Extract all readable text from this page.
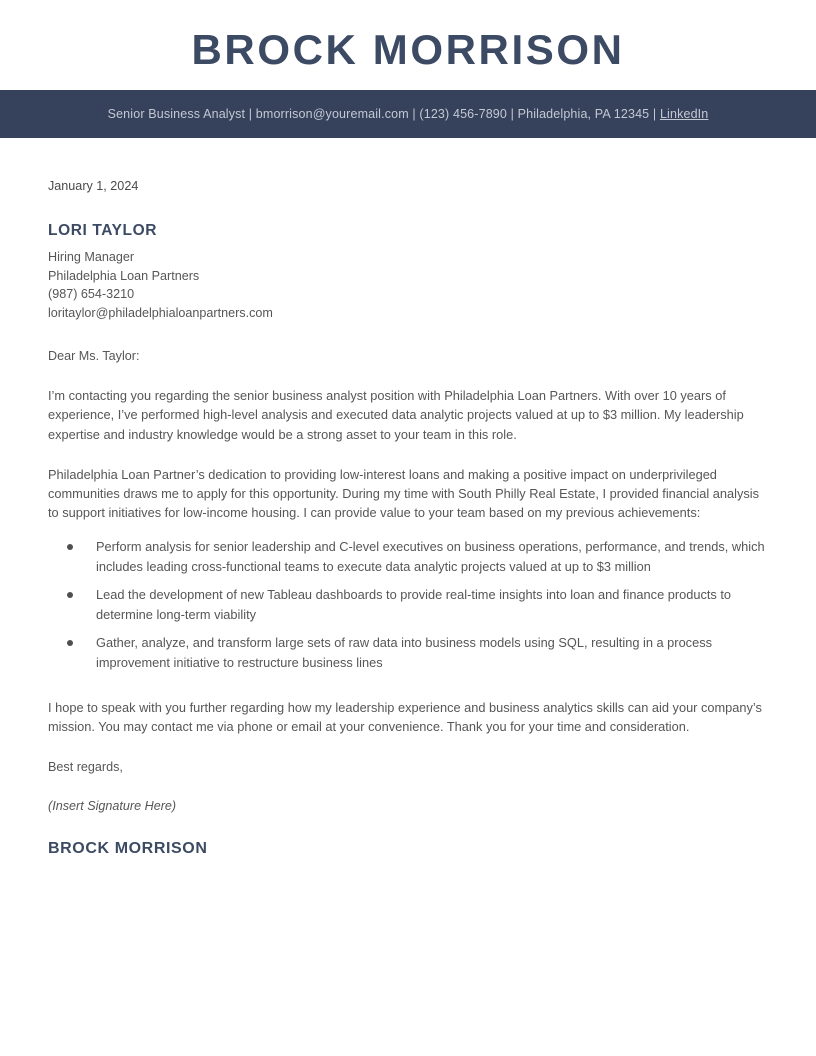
BROCK MORRISON
Senior Business Analyst | bmorrison@youremail.com | (123) 456-7890 | Philadelphia, PA 12345 | LinkedIn

January 1, 2024

LORI TAYLOR

Hiring Manager

Philadelphia Loan Partners

(987) 654-3210

loritaylor@philadelphialoanpartners.com

Dear Ms. Taylor:

I’m contacting you regarding the senior business analyst position with Philadelphia Loan Partners. With over 10 years of experience, I’ve performed high-level analysis and executed data analytic projects valued at up to $3 million. My leadership expertise and industry knowledge would be a strong asset to your team in this role.

Philadelphia Loan Partner’s dedication to providing low-interest loans and making a positive impact on underprivileged communities draws me to apply for this opportunity. During my time with South Philly Real Estate, I provided financial analysis to support initiatives for low-income housing. I can provide value to your team based on my previous achievements:

Perform analysis for senior leadership and C-level executives on business operations, performance, and trends, which includes leading cross-functional teams to execute data analytic projects valued at up to $3 million
Lead the development of new Tableau dashboards to provide real-time insights into loan and finance products to determine long-term viability
Gather, analyze, and transform large sets of raw data into business models using SQL, resulting in a process improvement initiative to restructure business lines

I hope to speak with you further regarding how my leadership experience and business analytics skills can aid your company’s mission. You may contact me via phone or email at your convenience. Thank you for your time and consideration.

Best regards,

(Insert Signature Here)

BROCK MORRISON
